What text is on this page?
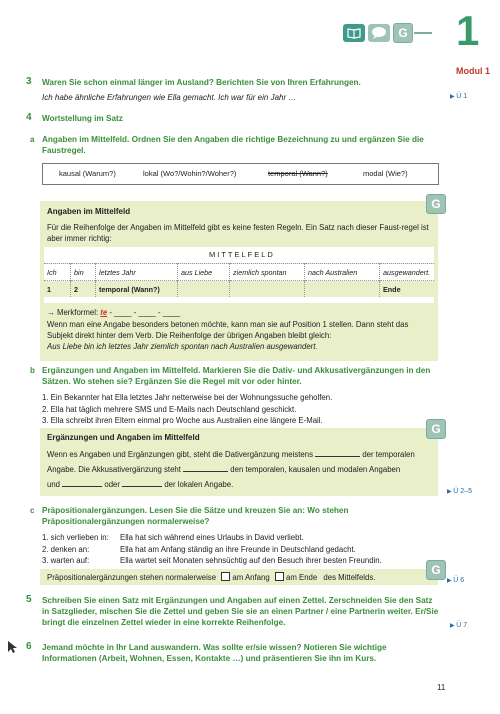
G 1
Modul 1
3 Waren Sie schon einmal länger im Ausland? Berichten Sie von Ihren Erfahrungen.
Ich habe ähnliche Erfahrungen wie Ella gemacht. Ich war für ein Jahr …	▶ Ü 1
4 Wortstellung im Satz
a Angaben im Mittelfeld. Ordnen Sie den Angaben die richtige Bezeichnung zu und ergänzen Sie die Faustregel.
kausal (Warum?)	lokal (Wo?/Wohin?/Woher?)	temporal (Wann?)	modal (Wie?)
Angaben im Mittelfeld
Für die Reihenfolge der Angaben im Mittelfeld gibt es keine festen Regeln. Ein Satz nach dieser Faust-regel ist aber immer richtig:
MITTELFELD
Ich	bin	letztes Jahr	aus Liebe	ziemlich spontan	nach Australien	ausgewandert.
1	2	temporal (Wann?)				Ende
→ Merkformel: te - ____ - ____ - ____
Wenn man eine Angabe besonders betonen möchte, kann man sie auf Position 1 stellen. Dann steht das Subjekt direkt hinter dem Verb. Die Reihenfolge der übrigen Angaben bleibt gleich:
Aus Liebe bin ich letztes Jahr ziemlich spontan nach Australien ausgewandert.
G
b Ergänzungen und Angaben im Mittelfeld. Markieren Sie die Dativ- und Akkusativergänzungen in den Sätzen. Wo stehen sie? Ergänzen Sie die Regel mit vor oder hinter.
1. Ein Bekannter hat Ella letztes Jahr netterweise bei der Wohnungssuche geholfen.
2. Ella hat täglich mehrere SMS und E-Mails nach Deutschland geschickt.
3. Ella schreibt ihren Eltern einmal pro Woche aus Australien eine längere E-Mail.
Ergänzungen und Angaben im Mittelfeld
Wenn es Angaben und Ergänzungen gibt, steht die Dativergänzung meistens	der temporalen
Angabe. Die Akkusativergänzung steht	den temporalen, kausalen und modalen Angaben
und	oder	der lokalen Angabe.
G
▶ Ü 2–5
c Präpositionalergänzungen. Lesen Sie die Sätze und kreuzen Sie an: Wo stehen Präpositionalergänzungen normalerweise?
1. sich verlieben in: Ella hat sich während eines Urlaubs in David verliebt.
2. denken an:	Ella hat am Anfang ständig an ihre Freunde in Deutschland gedacht.
3. warten auf:	Ella wartet seit Monaten sehnsüchtig auf den Besuch ihrer besten Freundin.
Präpositionalergänzungen stehen normalerweise am Anfang am Ende des Mittelfelds.
G
▶ Ü 6
5 Schreiben Sie einen Satz mit Ergänzungen und Angaben auf einen Zettel. Zerschneiden Sie den Satz in Satzglieder, mischen Sie die Zettel und geben Sie sie an einen Partner / eine Partnerin weiter. Er/Sie bringt die einzelnen Zettel wieder in eine korrekte Reihenfolge.	▶ Ü 7
6 Jemand möchte in Ihr Land auswandern. Was sollte er/sie wissen? Notieren Sie wichtige Informationen (Arbeit, Wohnen, Essen, Kontakte …) und präsentieren Sie ihn im Kurs.
11
